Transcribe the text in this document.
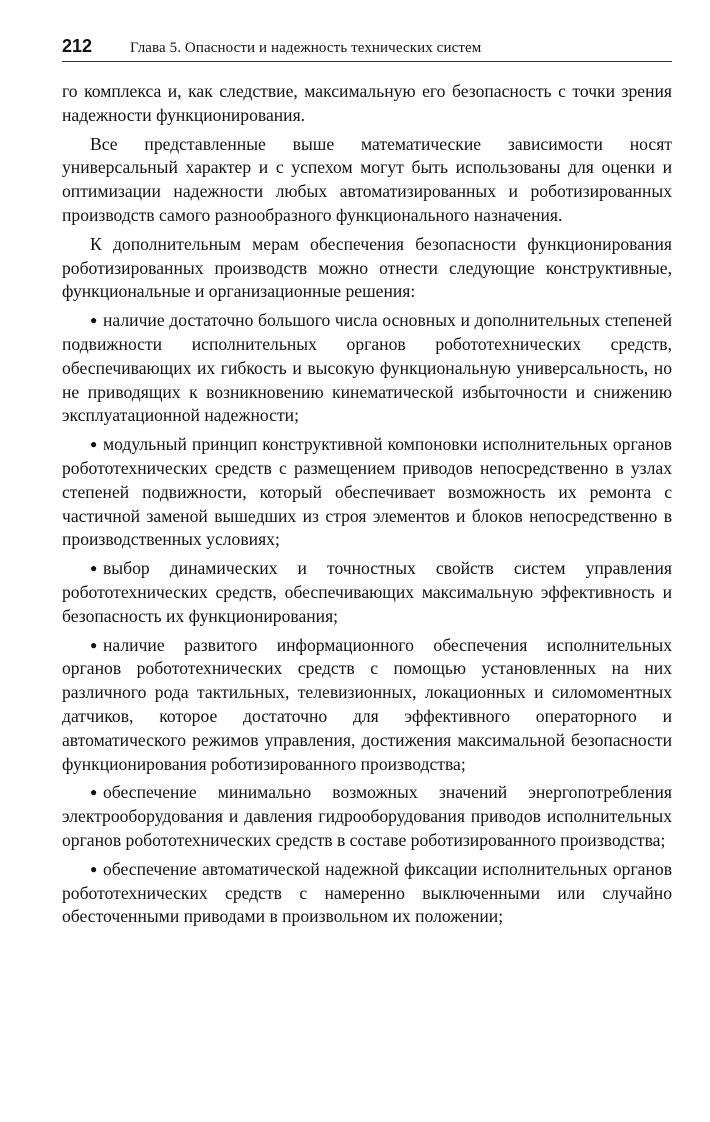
212	Глава 5. Опасности и надежность технических систем

го комплекса и, как следствие, максимальную его безопасность с точки зрения надежности функционирования.

Все представленные выше математические зависимости носят универсальный характер и с успехом могут быть использованы для оценки и оптимизации надежности любых автоматизированных и роботизированных производств самого разнообразного функционального назначения.

К дополнительным мерам обеспечения безопасности функционирования роботизированных производств можно отнести следующие конструктивные, функциональные и организационные решения:

● наличие достаточно большого числа основных и дополнительных степеней подвижности исполнительных органов робототехнических средств, обеспечивающих их гибкость и высокую функциональную универсальность, но не приводящих к возникновению кинематической избыточности и снижению эксплуатационной надежности;
● модульный принцип конструктивной компоновки исполнительных органов робототехнических средств с размещением приводов непосредственно в узлах степеней подвижности, который обеспечивает возможность их ремонта с частичной заменой вышедших из строя элементов и блоков непосредственно в производственных условиях;
● выбор динамических и точностных свойств систем управления робототехнических средств, обеспечивающих максимальную эффективность и безопасность их функционирования;
● наличие развитого информационного обеспечения исполнительных органов робототехнических средств с помощью установленных на них различного рода тактильных, телевизионных, локационных и силомоментных датчиков, которое достаточно для эффективного операторного и автоматического режимов управления, достижения максимальной безопасности функционирования роботизированного производства;
● обеспечение минимально возможных значений энергопотребления электрооборудования и давления гидрооборудования приводов исполнительных органов робототехнических средств в составе роботизированного производства;
● обеспечение автоматической надежной фиксации исполнительных органов робототехнических средств с намеренно выключенными или случайно обесточенными приводами в произвольном их положении;
